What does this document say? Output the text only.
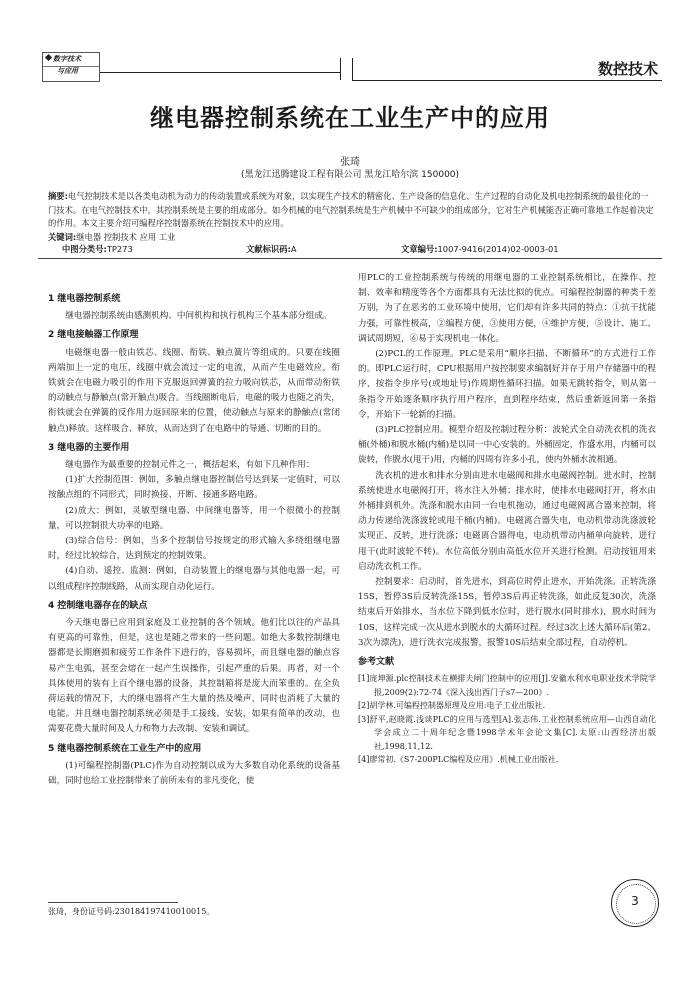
数字技术
与应用	数控技术
继电器控制系统在工业生产中的应用
张琦
(黑龙江迅腾建设工程有限公司 黑龙江哈尔滨 150000)
摘要:电气控制技术是以各类电动机为动力的传动装置或系统为对象，以实现生产技术的精密化、生产设备的信息化、生产过程的自动化及机电控制系统的最佳化的一门技术。在电气控制技术中，其控制系统是主要的组成部分。如今机械的电气控制系统是生产机械中不可缺少的组成部分，它对生产机械能否正确可靠地工作起着决定的作用。本文主要介绍可编程序控制器系统在控制技术中的应用。
关键词:继电器 控制技术 应用 工业
中图分类号:TP273	文献标识码:A	文章编号:1007-9416(2014)02-0003-01
1 继电器控制系统

继电器控制系统由感测机构、中间机构和执行机构三个基本部分组成。

2 继电接触器工作原理

电磁继电器一般由铁芯、线圈、衔铁、触点簧片等组成的。只要在线圈两端加上一定的电压，线圈中就会流过一定的电流，从而产生电磁效应，衔铁就会在电磁力吸引的作用下克服返回弹簧的拉力吸向铁芯，从而带动衔铁的动触点与静触点(常开触点)吸合。当线圈断电后，电磁的吸力也随之消失，衔铁就会在弹簧的反作用力返回原来的位置，使动触点与原来的静触点(常闭触点)释放。这样吸合、释放，从而达到了在电路中的导通、切断的目的。

3 继电器的主要作用

继电器作为最重要的控制元件之一，概括起来，有如下几种作用：

(1)扩大控制范围：例如，多触点继电器控制信号达到某一定值时，可以按触点组的不同形式，同时换接、开断、接通多路电路。

(2)放大：例如，灵敏型继电器、中间继电器等，用一个很微小的控制量，可以控制很大功率的电路。

(3)综合信号：例如，当多个控制信号按规定的形式输入多绕组继电器时，经过比较综合，达到预定的控制效果。

(4)自动、遥控、监测：例如，自动装置上的继电器与其他电器一起，可以组成程序控制线路，从而实现自动化运行。

4 控制继电器存在的缺点

今天继电器已应用到家庭及工业控制的各个领域。他们比以往的产品具有更高的可靠性，但是，这也是随之带来的一些问题。如绝大多数控制继电器都是长期磨损和疲劳工作条件下进行的，容易损坏，而且继电器的触点容易产生电弧，甚至会熔在一起产生误操作，引起严重的后果。再者，对一个具体使用的装有上百个继电器的设备，其控制箱将是庞大而笨重的。在全负荷运载的情况下，大的继电器将产生大量的热及噪声，同时也消耗了大量的电能。并且继电器控制系统必须是手工接线、安装，如果有简单的改动，也需要花费大量时间及人力和物力去改制、安装和调试。

5 继电器控制系统在工业生产中的应用

(1)可编程控制器(PLC)作为自动控制以成为大多数自动化系统的设备基础，同时也给工业控制带来了前所未有的非凡变化，使

用PLC的工业控制系统与传统的用继电器的工业控制系统相比，在操作、控制、效率和精度等各个方面都具有无法比拟的优点。可编程控制器的种类千差万别，为了在恶劣的工业环境中使用，它们却有许多共同的特点：①抗干扰能力强，可靠性极高，②编程方便，③使用方便，④维护方便，⑤设计、施工、调试周期短，⑥易于实现机电一体化。

(2)PCL的工作原理。PLC是采用“顺序扫描、不断循环”的方式进行工作的。即PLC运行时，CPU根据用户按控制要求编制好并存于用户存储器中的程序，按指令步序号(或地址号)作周期性循环扫描。如果无跳转指令，则从第一条指令开始逐条顺序执行用户程序，直到程序结束，然后重新返回第一条指令，开始下一轮新的扫描。

(3)PLC控制应用。模型介绍及控制过程分析：波轮式全自动洗衣机的洗衣桶(外桶)和脱水桶(内桶)是以同一中心安装的。外桶固定，作盛水用，内桶可以旋转，作脱水(甩干)用，内桶的四周有许多小孔，使内外桶水流相通。

洗衣机的进水和排水分别由进水电磁阀和排水电磁阀控制。进水时，控制系统使进水电磁阀打开，将水注入外桶；排水时，使排水电磁阀打开，将水由外桶排到机外。洗涤和脱水由同一台电机拖动，通过电磁阀离合器来控制，将动力传递给洗涤波轮或甩干桶(内桶)。电磁离合器失电，电动机带动洗涤波轮实现正、反转，进行洗涤；电磁离合器得电，电动机带动内桶单向旋转，进行甩干(此时波轮不转)。水位高低分别由高低水位开关进行检测。启动按钮用来启动洗衣机工作。

控制要求：启动时，首先进水，到高位时停止进水，开始洗涤。正转洗涤15S，暂停3S后反转洗涤15S，暂停3S后再正转洗涤，如此反复30次，洗涤结束后开始排水，当水位下降到低水位时，进行脱水(同时排水)，脱水时间为10S，这样完成一次从进水到脱水的大循环过程。经过3次上述大循环后(第2、3次为漂洗)，进行洗衣完成报警，报警10S后结束全部过程，自动停机。

参考文献

[1]庞坤源.plc控制技术在横排夫闸门控制中的应用[J].安徽水利水电职业技术学院学报,2009(2):72-74《深入浅出西门子s7—200》.

[2]胡学林.可编程控制器原理及应用:电子工业出版社.

[3]舒平,赵晓霞.浅谈PLC的应用与选型[A].张志伟.工业控制系统应用—山西自动化学会成立二十周年纪念暨1998学术年会论文集[C].太原:山西经济出版社,1998,11,12.

[4]廖常初.《S7-200PLC编程及应用》.机械工业出版社.

张琦，身份证号码:230184197410010015。
3
